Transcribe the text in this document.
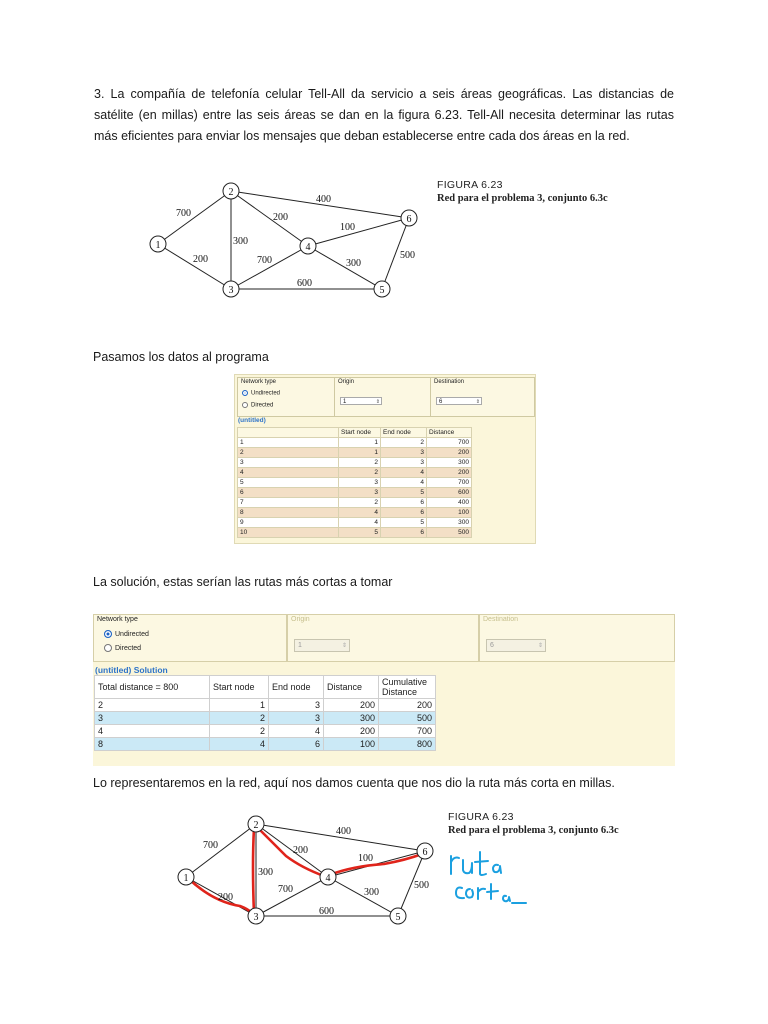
3. La compañía de telefonía celular Tell-All da servicio a seis áreas geográficas. Las distancias de satélite (en millas) entre las seis áreas se dan en la figura 6.23. Tell-All necesita determinar las rutas más eficientes para enviar los mensajes que deban establecerse entre cada dos áreas en la red.

1
2
3
4
5
6
700
200
300
200
400
700
600
100
300
500
FIGURA 6.23
Red para el problema 3, conjunto 6.3c

Pasamos los datos al programa

Network type
Undirected
Directed
Origin
1	⇕
Destination
6	⇕
(untitled)
	Start node	End node	Distance
1	1	2	700
2	1	3	200
3	2	3	300
4	2	4	200
5	3	4	700
6	3	5	600
7	2	6	400
8	4	6	100
9	4	5	300
10	5	6	500

La solución, estas serían las rutas más cortas a tomar

Network type
Undirected
Directed
Origin
1	⇕
Destination
6	⇕
(untitled) Solution
Total distance = 800	Start node	End node	Distance	Cumulative Distance
2	1	3	200	200
3	2	3	300	500
4	2	4	200	700
8	4	6	100	800

Lo representaremos en la red, aquí nos damos cuenta que nos dio la ruta más corta en millas.

1
2
3
4
5
6
700
200
300
200
400
700
600
100
300
500
FIGURA 6.23
Red para el problema 3, conjunto 6.3c
